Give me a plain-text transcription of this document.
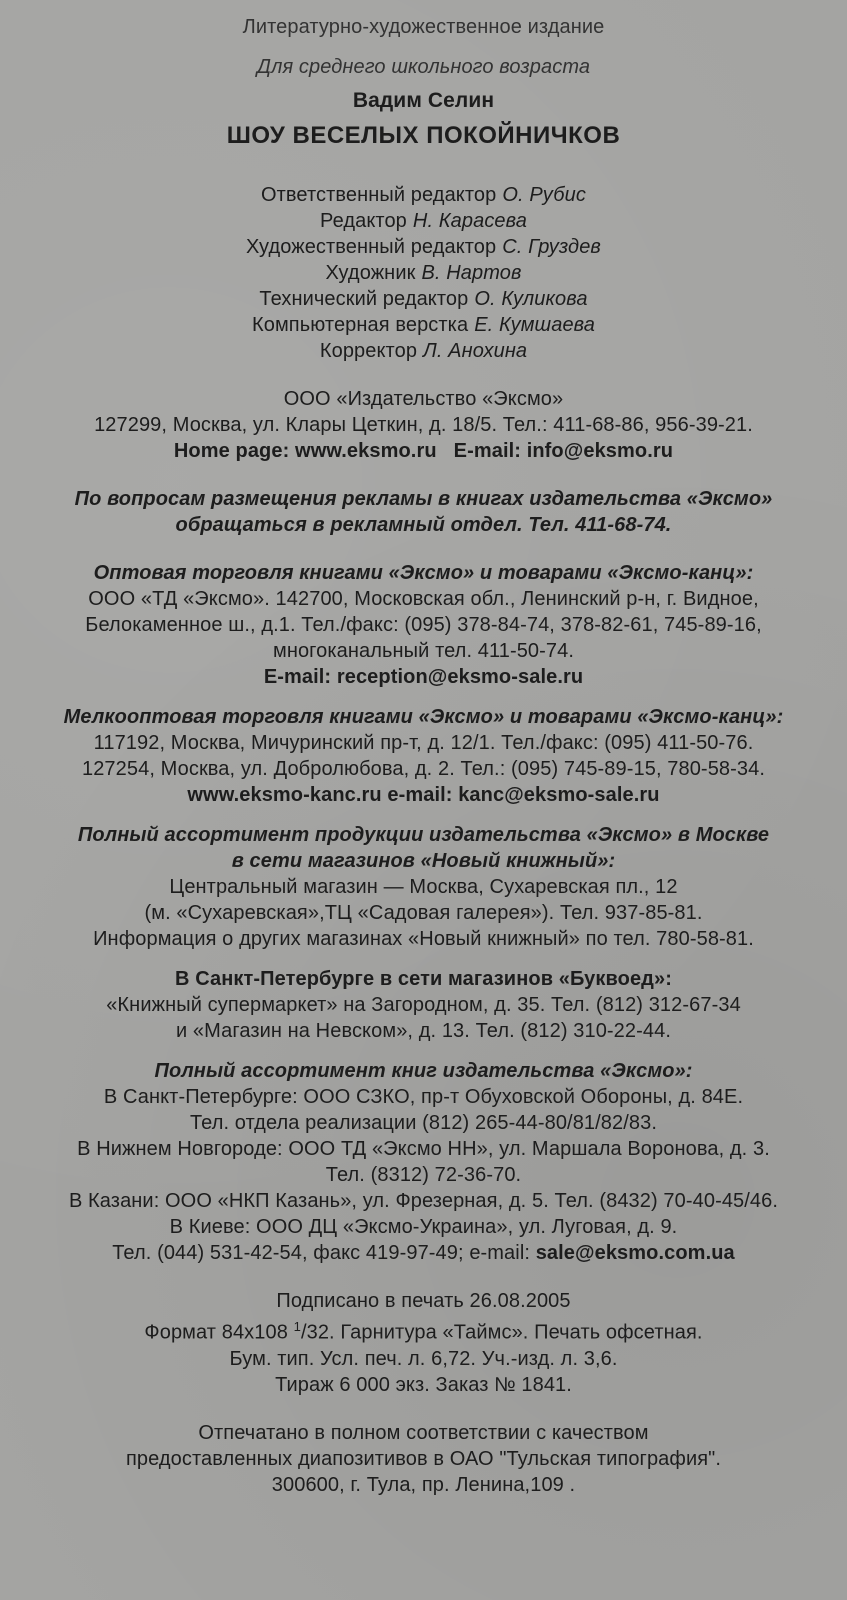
Литературно-художественное издание
Для среднего школьного возраста
Вадим Селин
ШОУ ВЕСЕЛЫХ ПОКОЙНИЧКОВ
Ответственный редактор О. Рубис
Редактор Н. Карасева
Художественный редактор С. Груздев
Художник В. Нартов
Технический редактор О. Куликова
Компьютерная верстка Е. Кумшаева
Корректор Л. Анохина
ООО «Издательство «Эксмо»
127299, Москва, ул. Клары Цеткин, д. 18/5. Тел.: 411-68-86, 956-39-21.
Home page: www.eksmo.ru E-mail: info@eksmo.ru
По вопросам размещения рекламы в книгах издательства «Эксмо»
обращаться в рекламный отдел. Тел. 411-68-74.
Оптовая торговля книгами «Эксмо» и товарами «Эксмо-канц»:
ООО «ТД «Эксмо». 142700, Московская обл., Ленинский р-н, г. Видное,
Белокаменное ш., д.1. Тел./факс: (095) 378-84-74, 378-82-61, 745-89-16,
многоканальный тел. 411-50-74.
E-mail: reception@eksmo-sale.ru
Мелкооптовая торговля книгами «Эксмо» и товарами «Эксмо-канц»:
117192, Москва, Мичуринский пр-т, д. 12/1. Тел./факс: (095) 411-50-76.
127254, Москва, ул. Добролюбова, д. 2. Тел.: (095) 745-89-15, 780-58-34.
www.eksmo-kanc.ru e-mail: kanc@eksmo-sale.ru
Полный ассортимент продукции издательства «Эксмо» в Москве
в сети магазинов «Новый книжный»:
Центральный магазин — Москва, Сухаревская пл., 12
(м. «Сухаревская»,ТЦ «Садовая галерея»). Тел. 937-85-81.
Информация о других магазинах «Новый книжный» по тел. 780-58-81.
В Санкт-Петербурге в сети магазинов «Буквоед»:
«Книжный супермаркет» на Загородном, д. 35. Тел. (812) 312-67-34
и «Магазин на Невском», д. 13. Тел. (812) 310-22-44.
Полный ассортимент книг издательства «Эксмо»:
В Санкт-Петербурге: ООО СЗКО, пр-т Обуховской Обороны, д. 84Е.
Тел. отдела реализации (812) 265-44-80/81/82/83.
В Нижнем Новгороде: ООО ТД «Эксмо НН», ул. Маршала Воронова, д. 3.
Тел. (8312) 72-36-70.
В Казани: ООО «НКП Казань», ул. Фрезерная, д. 5. Тел. (8432) 70-40-45/46.
В Киеве: ООО ДЦ «Эксмо-Украина», ул. Луговая, д. 9.
Тел. (044) 531-42-54, факс 419-97-49; e-mail: sale@eksmo.com.ua
Подписано в печать 26.08.2005
Формат 84x108 $^1$/32. Гарнитура «Таймс». Печать офсетная.
Бум. тип. Усл. печ. л. 6,72. Уч.-изд. л. 3,6.
Тираж 6 000 экз. Заказ № 1841.
Отпечатано в полном соответствии с качеством
предоставленных диапозитивов в ОАО "Тульская типография".
300600, г. Тула, пр. Ленина,109 .
